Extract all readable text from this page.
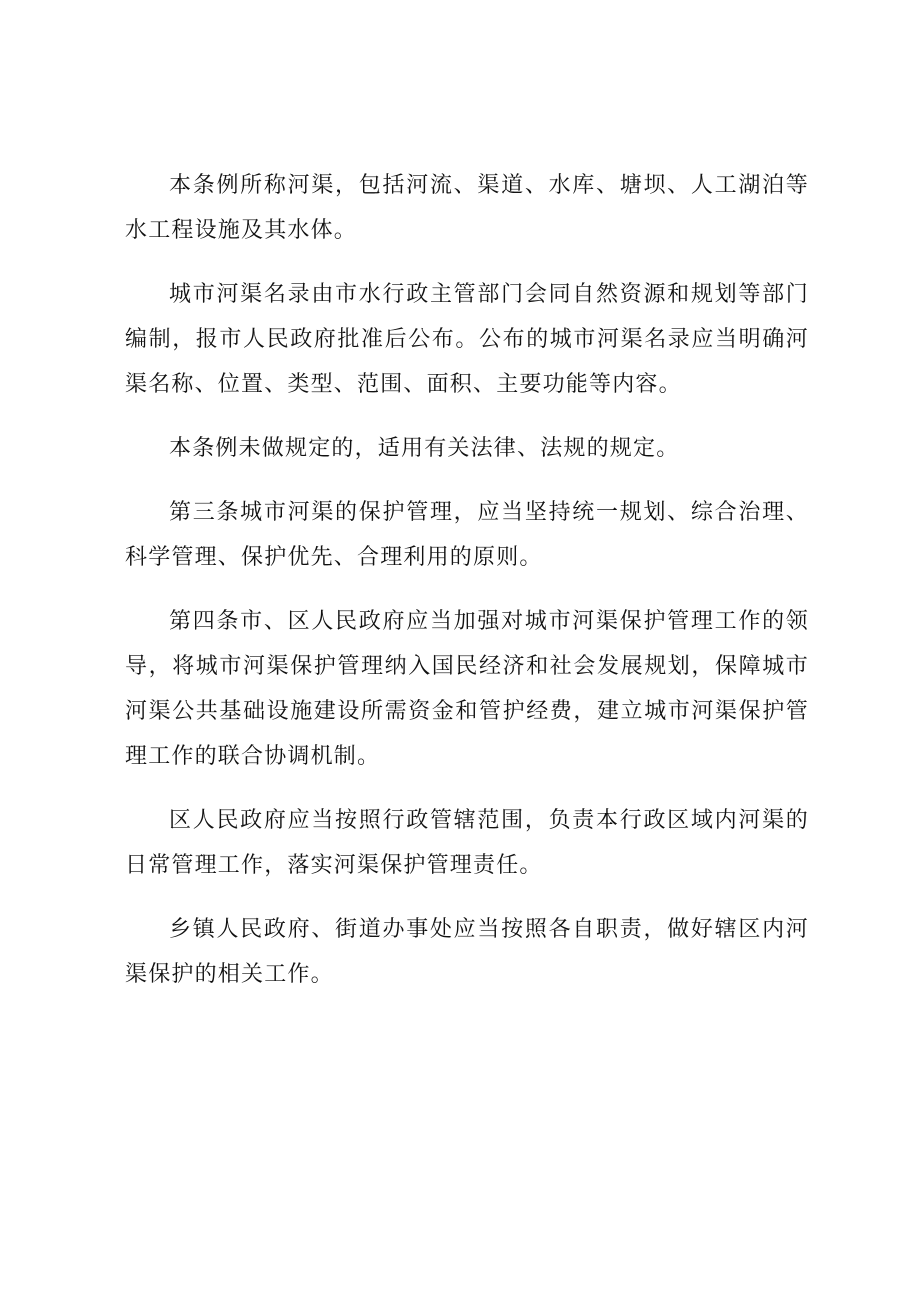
本条例所称河渠，包括河流、渠道、水库、塘坝、人工湖泊等水工程设施及其水体。

城市河渠名录由市水行政主管部门会同自然资源和规划等部门编制，报市人民政府批准后公布。公布的城市河渠名录应当明确河渠名称、位置、类型、范围、面积、主要功能等内容。

本条例未做规定的，适用有关法律、法规的规定。

第三条城市河渠的保护管理，应当坚持统一规划、综合治理、科学管理、保护优先、合理利用的原则。

第四条市、区人民政府应当加强对城市河渠保护管理工作的领导，将城市河渠保护管理纳入国民经济和社会发展规划，保障城市河渠公共基础设施建设所需资金和管护经费，建立城市河渠保护管理工作的联合协调机制。

区人民政府应当按照行政管辖范围，负责本行政区域内河渠的日常管理工作，落实河渠保护管理责任。

乡镇人民政府、街道办事处应当按照各自职责，做好辖区内河渠保护的相关工作。
